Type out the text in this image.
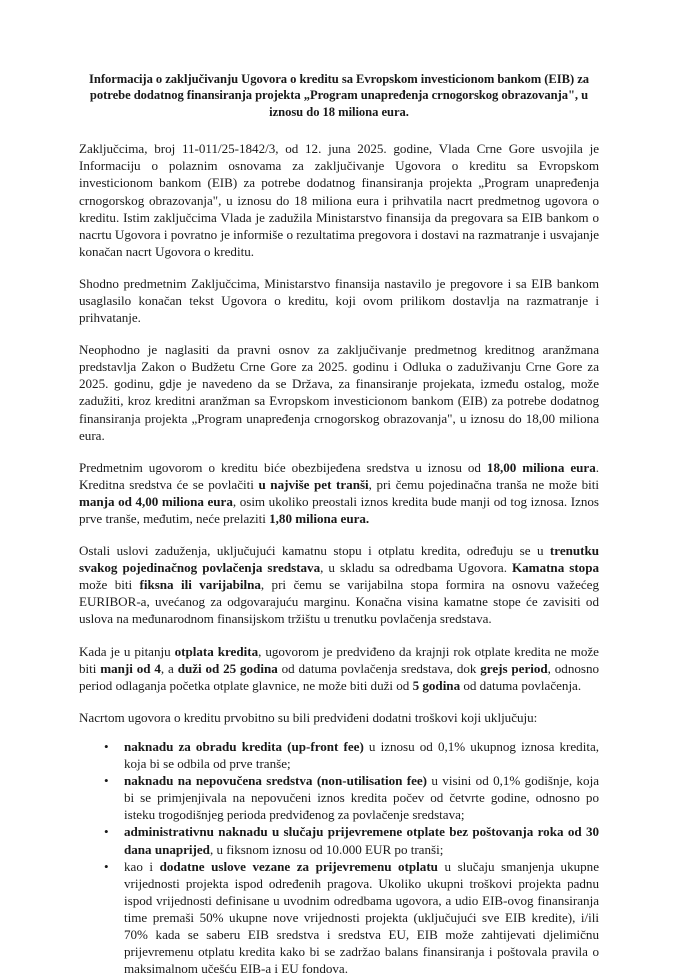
Informacija o zaključivanju Ugovora o kreditu sa Evropskom investicionom bankom (EIB) za potrebe dodatnog finansiranja projekta „Program unapređenja crnogorskog obrazovanja", u iznosu do 18 miliona eura.

Zaključcima, broj 11-011/25-1842/3, od 12. juna 2025. godine, Vlada Crne Gore usvojila je Informaciju o polaznim osnovama za zaključivanje Ugovora o kreditu sa Evropskom investicionom bankom (EIB) za potrebe dodatnog finansiranja projekta „Program unapređenja crnogorskog obrazovanja", u iznosu do 18 miliona eura i prihvatila nacrt predmetnog ugovora o kreditu. Istim zaključcima Vlada je zadužila Ministarstvo finansija da pregovara sa EIB bankom o nacrtu Ugovora i povratno je informiše o rezultatima pregovora i dostavi na razmatranje i usvajanje konačan nacrt Ugovora o kreditu.

Shodno predmetnim Zaključcima, Ministarstvo finansija nastavilo je pregovore i sa EIB bankom usaglasilo konačan tekst Ugovora o kreditu, koji ovom prilikom dostavlja na razmatranje i prihvatanje.

Neophodno je naglasiti da pravni osnov za zaključivanje predmetnog kreditnog aranžmana predstavlja Zakon o Budžetu Crne Gore za 2025. godinu i Odluka o zaduživanju Crne Gore za 2025. godinu, gdje je navedeno da se Država, za finansiranje projekata, između ostalog, može zadužiti, kroz kreditni aranžman sa Evropskom investicionom bankom (EIB) za potrebe dodatnog finansiranja projekta „Program unapređenja crnogorskog obrazovanja", u iznosu do 18,00 miliona eura.

Predmetnim ugovorom o kreditu biće obezbijeđena sredstva u iznosu od 18,00 miliona eura. Kreditna sredstva će se povlačiti u najviše pet tranši, pri čemu pojedinačna tranša ne može biti manja od 4,00 miliona eura, osim ukoliko preostali iznos kredita bude manji od tog iznosa. Iznos prve tranše, međutim, neće prelaziti 1,80 miliona eura.

Ostali uslovi zaduženja, uključujući kamatnu stopu i otplatu kredita, određuju se u trenutku svakog pojedinačnog povlačenja sredstava, u skladu sa odredbama Ugovora. Kamatna stopa može biti fiksna ili varijabilna, pri čemu se varijabilna stopa formira na osnovu važećeg EURIBOR-a, uvećanog za odgovarajuću marginu. Konačna visina kamatne stope će zavisiti od uslova na međunarodnom finansijskom tržištu u trenutku povlačenja sredstava.

Kada je u pitanju otplata kredita, ugovorom je predviđeno da krajnji rok otplate kredita ne može biti manji od 4, a duži od 25 godina od datuma povlačenja sredstava, dok grejs period, odnosno period odlaganja početka otplate glavnice, ne može biti duži od 5 godina od datuma povlačenja.

Nacrtom ugovora o kreditu prvobitno su bili predviđeni dodatni troškovi koji uključuju:

• naknadu za obradu kredita (up-front fee) u iznosu od 0,1% ukupnog iznosa kredita, koja bi se odbila od prve tranše;
• naknadu na nepovučena sredstva (non-utilisation fee) u visini od 0,1% godišnje, koja bi se primjenjivala na nepovučeni iznos kredita počev od četvrte godine, odnosno po isteku trogodišnjeg perioda predviđenog za povlačenje sredstava;
• administrativnu naknadu u slučaju prijevremene otplate bez poštovanja roka od 30 dana unaprijed, u fiksnom iznosu od 10.000 EUR po tranši;
• kao i dodatne uslove vezane za prijevremenu otplatu u slučaju smanjenja ukupne vrijednosti projekta ispod određenih pragova. Ukoliko ukupni troškovi projekta padnu ispod vrijednosti definisane u uvodnim odredbama ugovora, a udio EIB-ovog finansiranja time premaši 50% ukupne nove vrijednosti projekta (uključujući sve EIB kredite), i/ili 70% kada se saberu EIB sredstva i sredstva EU, EIB može zahtijevati djelimičnu prijevremenu otplatu kredita kako bi se zadržao balans finansiranja i poštovala pravila o maksimalnom učešću EIB-a i EU fondova.
